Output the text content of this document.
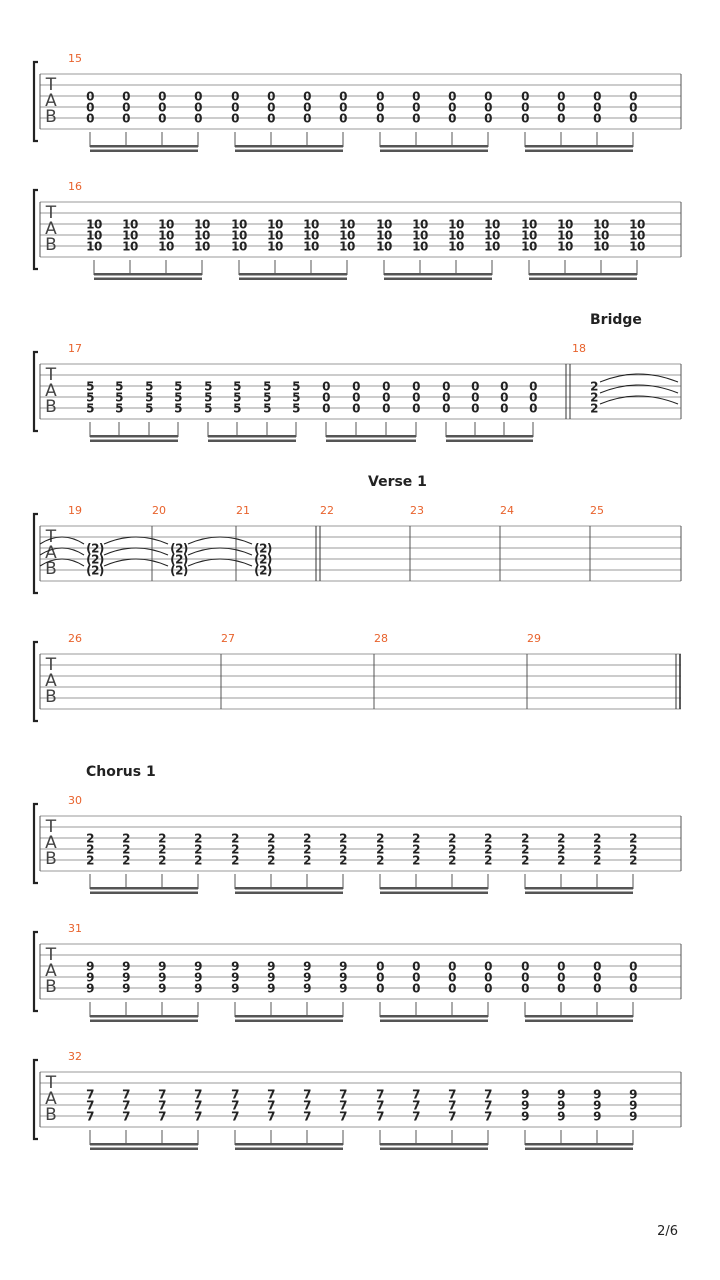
2/6
T
A
B
15
0
0
0
0
0
0
0
0
0
0
0
0
0
0
0
0
0
0
0
0
0
0
0
0
0
0
0
0
0
0
0
0
0
0
0
0
0
0
0
0
0
0
0
0
0
0
0
0
T
A
B
16
10
10
10
10
10
10
10
10
10
10
10
10
10
10
10
10
10
10
10
10
10
10
10
10
10
10
10
10
10
10
10
10
10
10
10
10
10
10
10
10
10
10
10
10
10
10
10
10
T
A
B
17	18
5
5
5
5
5
5
5
5
5
5
5
5
5
5
5
5
5
5
5
5
5
5
5
5
0
0
0
0
0
0
0
0
0
0
0
0
0
0
0
0
0
0
0
0
0
0
0
0
2
2
2
T
A
B
19	20	21	22	23	24	25
(2)
(2)
(2)
(2)
(2)
(2)
(2)
(2)
(2)
T
A
B
26	27	28	29
T
A
B
30
2
2
2
2
2
2
2
2
2
2
2
2
2
2
2
2
2
2
2
2
2
2
2
2
2
2
2
2
2
2
2
2
2
2
2
2
2
2
2
2
2
2
2
2
2
2
2
2
T
A
B
31
9
9
9
9
9
9
9
9
9
9
9
9
9
9
9
9
9
9
9
9
9
9
9
9
0
0
0
0
0
0
0
0
0
0
0
0
0
0
0
0
0
0
0
0
0
0
0
0
T
A
B
32
7
7
7
7
7
7
7
7
7
7
7
7
7
7
7
7
7
7
7
7
7
7
7
7
7
7
7
7
7
7
7
7
7
7
7
7
9
9
9
9
9
9
9
9
9
9
9
9
Bridge
Verse 1
Chorus 1
